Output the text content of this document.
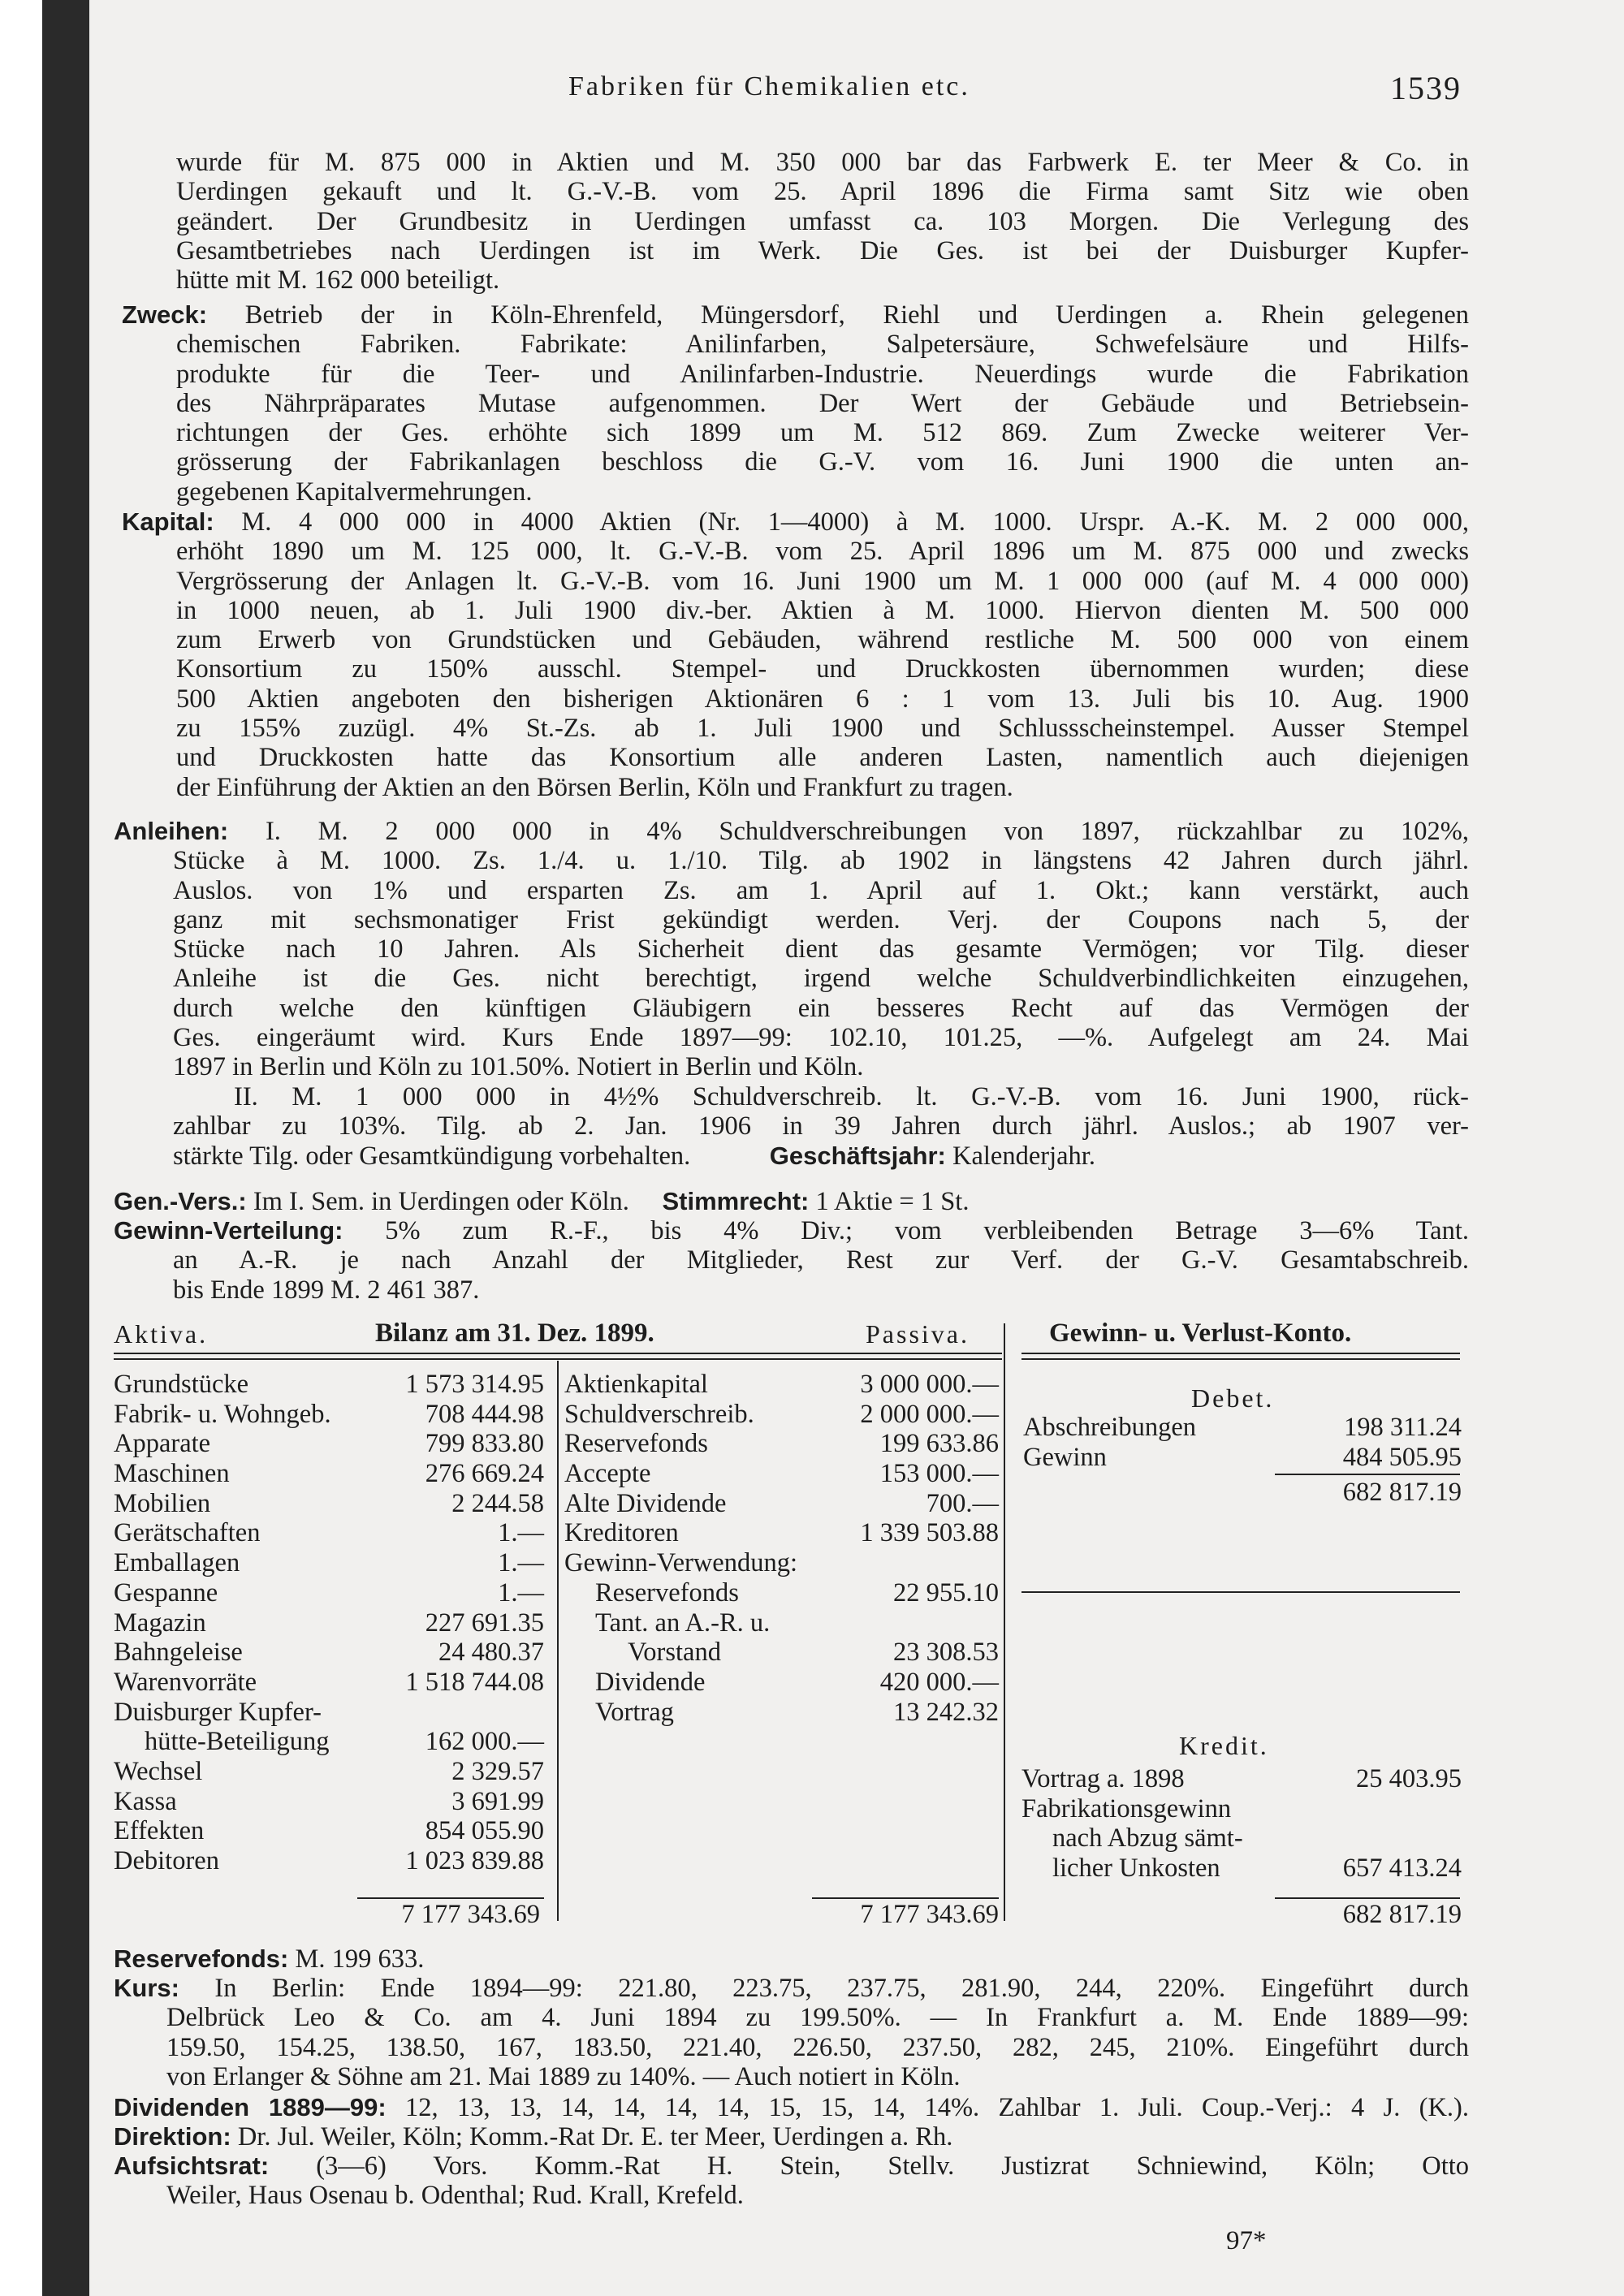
Fabriken für Chemikalien etc.	1539
wurde für M. 875 000 in Aktien und M. 350 000 bar das Farbwerk E. ter Meer & Co. in
Uerdingen gekauft und lt. G.-V.-B. vom 25. April 1896 die Firma samt Sitz wie oben
geändert. Der Grundbesitz in Uerdingen umfasst ca. 103 Morgen. Die Verlegung des
Gesamtbetriebes nach Uerdingen ist im Werk. Die Ges. ist bei der Duisburger Kupfer-
hütte mit M. 162 000 beteiligt.
Zweck: Betrieb der in Köln-Ehrenfeld, Müngersdorf, Riehl und Uerdingen a. Rhein gelegenen
chemischen Fabriken. Fabrikate: Anilinfarben, Salpetersäure, Schwefelsäure und Hilfs-
produkte für die Teer- und Anilinfarben-Industrie. Neuerdings wurde die Fabrikation
des Nährpräparates Mutase aufgenommen. Der Wert der Gebäude und Betriebsein-
richtungen der Ges. erhöhte sich 1899 um M. 512 869. Zum Zwecke weiterer Ver-
grösserung der Fabrikanlagen beschloss die G.-V. vom 16. Juni 1900 die unten an-
gegebenen Kapitalvermehrungen.
Kapital: M. 4 000 000 in 4000 Aktien (Nr. 1—4000) à M. 1000. Urspr. A.-K. M. 2 000 000,
erhöht 1890 um M. 125 000, lt. G.-V.-B. vom 25. April 1896 um M. 875 000 und zwecks
Vergrösserung der Anlagen lt. G.-V.-B. vom 16. Juni 1900 um M. 1 000 000 (auf M. 4 000 000)
in 1000 neuen, ab 1. Juli 1900 div.-ber. Aktien à M. 1000. Hiervon dienten M. 500 000
zum Erwerb von Grundstücken und Gebäuden, während restliche M. 500 000 von einem
Konsortium zu 150% ausschl. Stempel- und Druckkosten übernommen wurden; diese
500 Aktien angeboten den bisherigen Aktionären 6 : 1 vom 13. Juli bis 10. Aug. 1900
zu 155% zuzügl. 4% St.-Zs. ab 1. Juli 1900 und Schlussscheinstempel. Ausser Stempel
und Druckkosten hatte das Konsortium alle anderen Lasten, namentlich auch diejenigen
der Einführung der Aktien an den Börsen Berlin, Köln und Frankfurt zu tragen.
Anleihen: I. M. 2 000 000 in 4% Schuldverschreibungen von 1897, rückzahlbar zu 102%,
Stücke à M. 1000. Zs. 1./4. u. 1./10. Tilg. ab 1902 in längstens 42 Jahren durch jährl.
Auslos. von 1% und ersparten Zs. am 1. April auf 1. Okt.; kann verstärkt, auch
ganz mit sechsmonatiger Frist gekündigt werden. Verj. der Coupons nach 5, der
Stücke nach 10 Jahren. Als Sicherheit dient das gesamte Vermögen; vor Tilg. dieser
Anleihe ist die Ges. nicht berechtigt, irgend welche Schuldverbindlichkeiten einzugehen,
durch welche den künftigen Gläubigern ein besseres Recht auf das Vermögen der
Ges. eingeräumt wird. Kurs Ende 1897—99: 102.10, 101.25, —%. Aufgelegt am 24. Mai
1897 in Berlin und Köln zu 101.50%. Notiert in Berlin und Köln.
II. M. 1 000 000 in 4½% Schuldverschreib. lt. G.-V.-B. vom 16. Juni 1900, rück-
zahlbar zu 103%. Tilg. ab 2. Jan. 1906 in 39 Jahren durch jährl. Auslos.; ab 1907 ver-
stärkte Tilg. oder Gesamtkündigung vorbehalten.	Geschäftsjahr: Kalenderjahr.
Gen.-Vers.: Im I. Sem. in Uerdingen oder Köln. Stimmrecht: 1 Aktie = 1 St.
Gewinn-Verteilung: 5% zum R.-F., bis 4% Div.; vom verbleibenden Betrage 3—6% Tant.
an A.-R. je nach Anzahl der Mitglieder, Rest zur Verf. der G.-V. Gesamtabschreib.
bis Ende 1899 M. 2 461 387.
Aktiva.	Bilanz am 31. Dez. 1899.	Passiva.	Gewinn- u. Verlust-Konto.
Grundstücke	1 573 314.95
Fabrik- u. Wohngeb.	708 444.98
Apparate	799 833.80
Maschinen	276 669.24
Mobilien	2 244.58
Gerätschaften	1.—
Emballagen	1.—
Gespanne	1.—
Magazin	227 691.35
Bahngeleise	24 480.37
Warenvorräte	1 518 744.08
Duisburger Kupfer-
hütte-Beteiligung	162 000.—
Wechsel	2 329.57
Kassa	3 691.99
Effekten	854 055.90
Debitoren	1 023 839.88
7 177 343.69
Aktienkapital	3 000 000.—
Schuldverschreib.	2 000 000.—
Reservefonds	199 633.86
Accepte	153 000.—
Alte Dividende	700.—
Kreditoren	1 339 503.88
Gewinn-Verwendung:
Reservefonds	22 955.10
Tant. an A.-R. u.
Vorstand	23 308.53
Dividende	420 000.—
Vortrag	13 242.32
7 177 343.69
Debet.
Abschreibungen	198 311.24
Gewinn	484 505.95
682 817.19
Kredit.
Vortrag a. 1898	25 403.95
Fabrikationsgewinn
nach Abzug sämt-
licher Unkosten	657 413.24
682 817.19
Reservefonds: M. 199 633.
Kurs: In Berlin: Ende 1894—99: 221.80, 223.75, 237.75, 281.90, 244, 220%. Eingeführt durch
Delbrück Leo & Co. am 4. Juni 1894 zu 199.50%. — In Frankfurt a. M. Ende 1889—99:
159.50, 154.25, 138.50, 167, 183.50, 221.40, 226.50, 237.50, 282, 245, 210%. Eingeführt durch
von Erlanger & Söhne am 21. Mai 1889 zu 140%. — Auch notiert in Köln.
Dividenden 1889—99: 12, 13, 13, 14, 14, 14, 14, 15, 15, 14, 14%. Zahlbar 1. Juli. Coup.-Verj.: 4 J. (K.).
Direktion: Dr. Jul. Weiler, Köln; Komm.-Rat Dr. E. ter Meer, Uerdingen a. Rh.
Aufsichtsrat: (3—6) Vors. Komm.-Rat H. Stein, Stellv. Justizrat Schniewind, Köln; Otto
Weiler, Haus Osenau b. Odenthal; Rud. Krall, Krefeld.
97*
